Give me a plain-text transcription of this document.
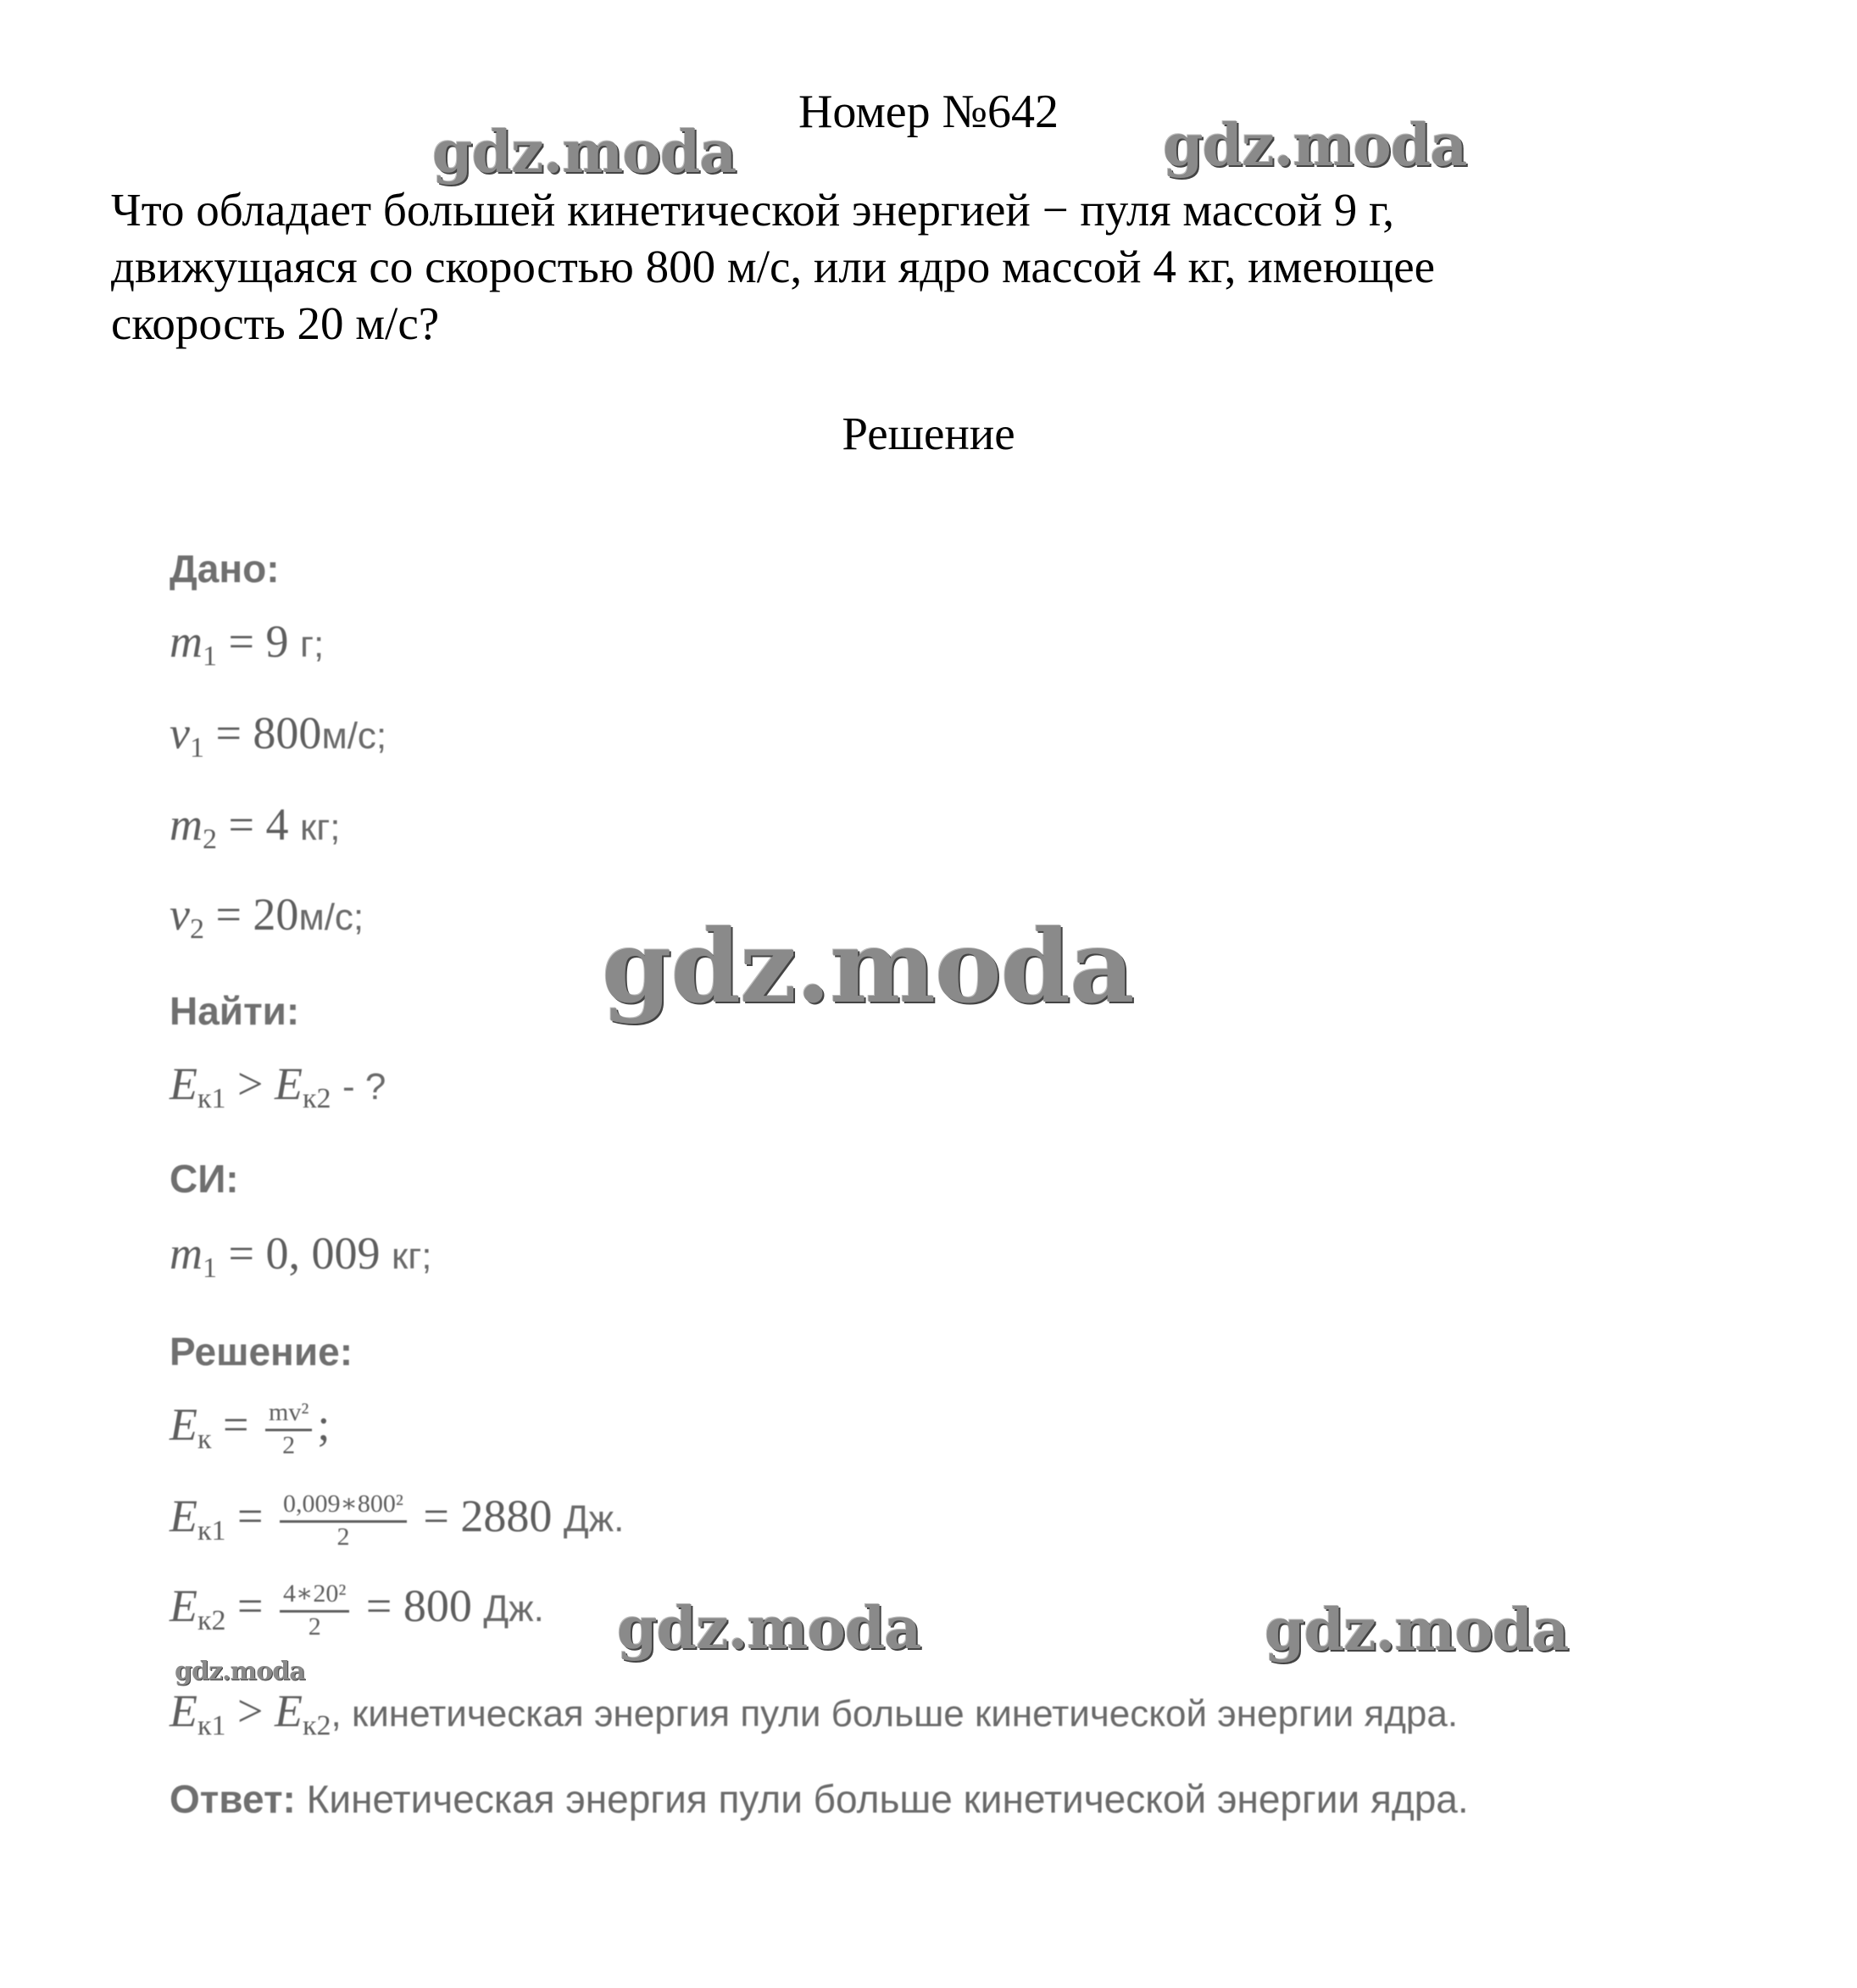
Номер №642
Что обладает большей кинетической энергией − пуля массой 9 г,
движущаяся со скоростью 800 м/с, или ядро массой 4 кг, имеющее
скорость 20 м/с?
Решение
Дано:
$m_1 = 9$ г;
$v_1 = 800м/с$;
$m_2 = 4$ кг;
$v_2 = 20м/с$;
Найти:
$E_{к1} > E_{к2}$ - ?
СИ:
$m_1 = 0$, 009 кг;
Решение:
$E_к = \frac{\text{mv²}}{2}$ ;
$E_{к1} = \frac{\text{0,009∗800²}}{2} = 2880$ Дж.
$E_{к2} = \frac{\text{4∗20²}}{2} = 800$ Дж.
$E_{к1} > E_{к2}$, кинетическая энергия пули больше кинетической энергии ядра.
Ответ: Кинетическая энергия пули больше кинетической энергии ядра.
gdz.moda	gdz.moda
gdz.moda
gdz.moda	gdz.moda
gdz.moda
